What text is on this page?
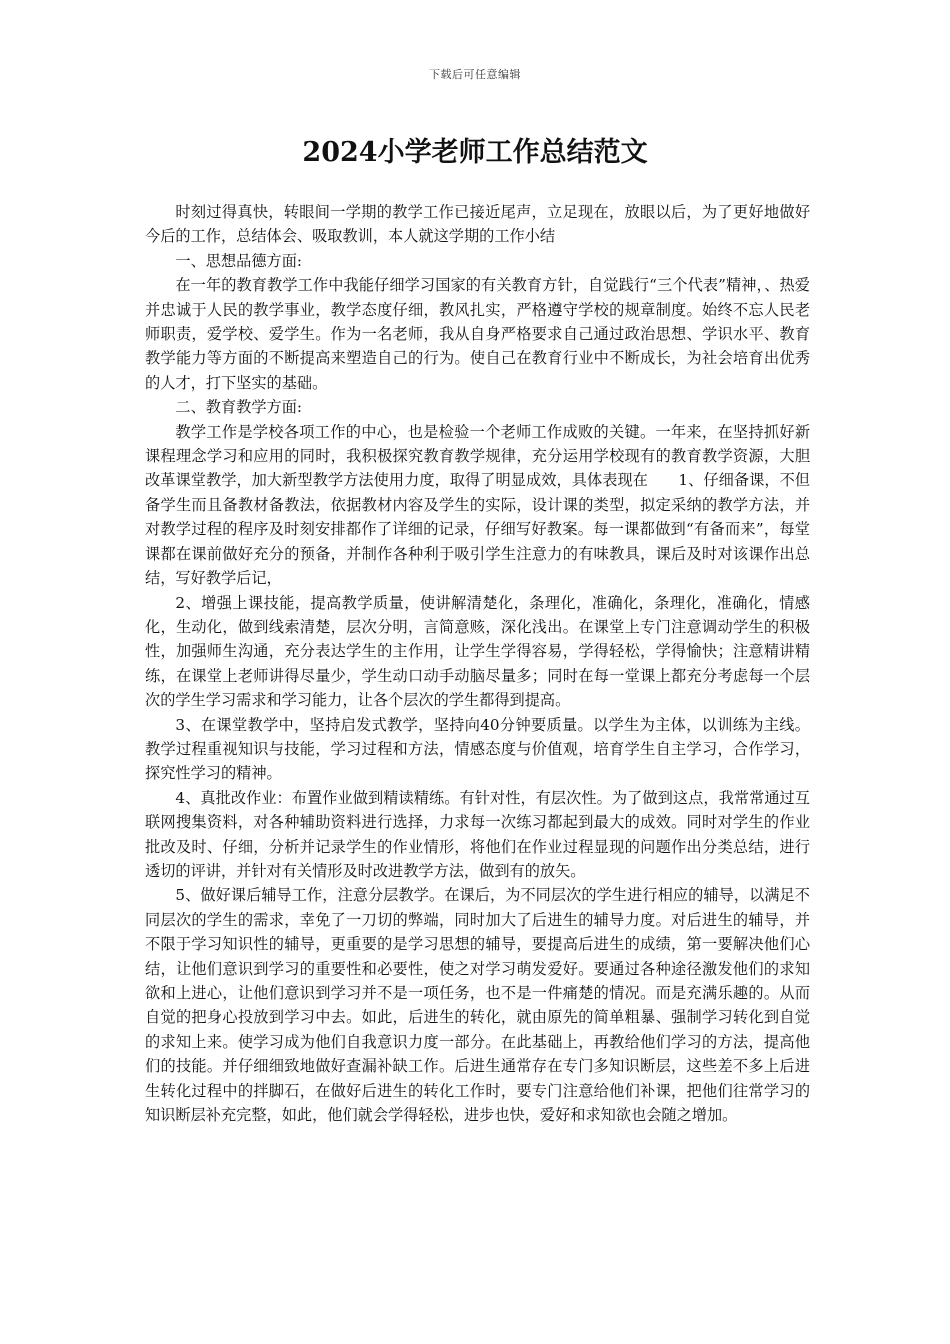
下载后可任意编辑
2024小学老师工作总结范文

时刻过得真快，转眼间一学期的教学工作已接近尾声，立足现在，放眼以后，为了更好地做好今后的工作，总结体会、吸取教训，本人就这学期的工作小结

一、思想品德方面:

在一年的教育教学工作中我能仔细学习国家的有关教育方针，自觉践行“三个代表”精神，、热爱并忠诚于人民的教学事业，教学态度仔细，教风扎实，严格遵守学校的规章制度。始终不忘人民老师职责，爱学校、爱学生。作为一名老师，我从自身严格要求自己通过政治思想、学识水平、教育教学能力等方面的不断提高来塑造自己的行为。使自己在教育行业中不断成长，为社会培育出优秀的人才，打下坚实的基础。

二、教育教学方面:

教学工作是学校各项工作的中心，也是检验一个老师工作成败的关键。一年来，在坚持抓好新课程理念学习和应用的同时，我积极探究教育教学规律，充分运用学校现有的教育教学资源，大胆改革课堂教学，加大新型教学方法使用力度，取得了明显成效，具体表现在　　1、仔细备课，不但备学生而且备教材备教法，依据教材内容及学生的实际，设计课的类型，拟定采纳的教学方法，并对教学过程的程序及时刻安排都作了详细的记录，仔细写好教案。每一课都做到“有备而来”，每堂课都在课前做好充分的预备，并制作各种利于吸引学生注意力的有味教具，课后及时对该课作出总结，写好教学后记，

2、增强上课技能，提高教学质量，使讲解清楚化，条理化，准确化，条理化，准确化，情感化，生动化，做到线索清楚，层次分明，言简意赅，深化浅出。在课堂上专门注意调动学生的积极性，加强师生沟通，充分表达学生的主作用，让学生学得容易，学得轻松，学得愉快；注意精讲精练，在课堂上老师讲得尽量少，学生动口动手动脑尽量多；同时在每一堂课上都充分考虑每一个层次的学生学习需求和学习能力，让各个层次的学生都得到提高。

3、在课堂教学中，坚持启发式教学，坚持向40分钟要质量。以学生为主体，以训练为主线。教学过程重视知识与技能，学习过程和方法，情感态度与价值观，培育学生自主学习，合作学习，探究性学习的精神。

4、真批改作业：布置作业做到精读精练。有针对性，有层次性。为了做到这点，我常常通过互联网搜集资料，对各种辅助资料进行选择，力求每一次练习都起到最大的成效。同时对学生的作业批改及时、仔细，分析并记录学生的作业情形，将他们在作业过程显现的问题作出分类总结，进行透切的评讲，并针对有关情形及时改进教学方法，做到有的放矢。

5、做好课后辅导工作，注意分层教学。在课后，为不同层次的学生进行相应的辅导，以满足不同层次的学生的需求，幸免了一刀切的弊端，同时加大了后进生的辅导力度。对后进生的辅导，并不限于学习知识性的辅导，更重要的是学习思想的辅导，要提高后进生的成绩，第一要解决他们心结，让他们意识到学习的重要性和必要性，使之对学习萌发爱好。要通过各种途径激发他们的求知欲和上进心，让他们意识到学习并不是一项任务，也不是一件痛楚的情况。而是充满乐趣的。从而自觉的把身心投放到学习中去。如此，后进生的转化，就由原先的简单粗暴、强制学习转化到自觉的求知上来。使学习成为他们自我意识力度一部分。在此基础上，再教给他们学习的方法，提高他们的技能。并仔细细致地做好查漏补缺工作。后进生通常存在专门多知识断层，这些差不多上后进生转化过程中的拌脚石，在做好后进生的转化工作时，要专门注意给他们补课，把他们往常学习的知识断层补充完整，如此，他们就会学得轻松，进步也快，爱好和求知欲也会随之增加。
